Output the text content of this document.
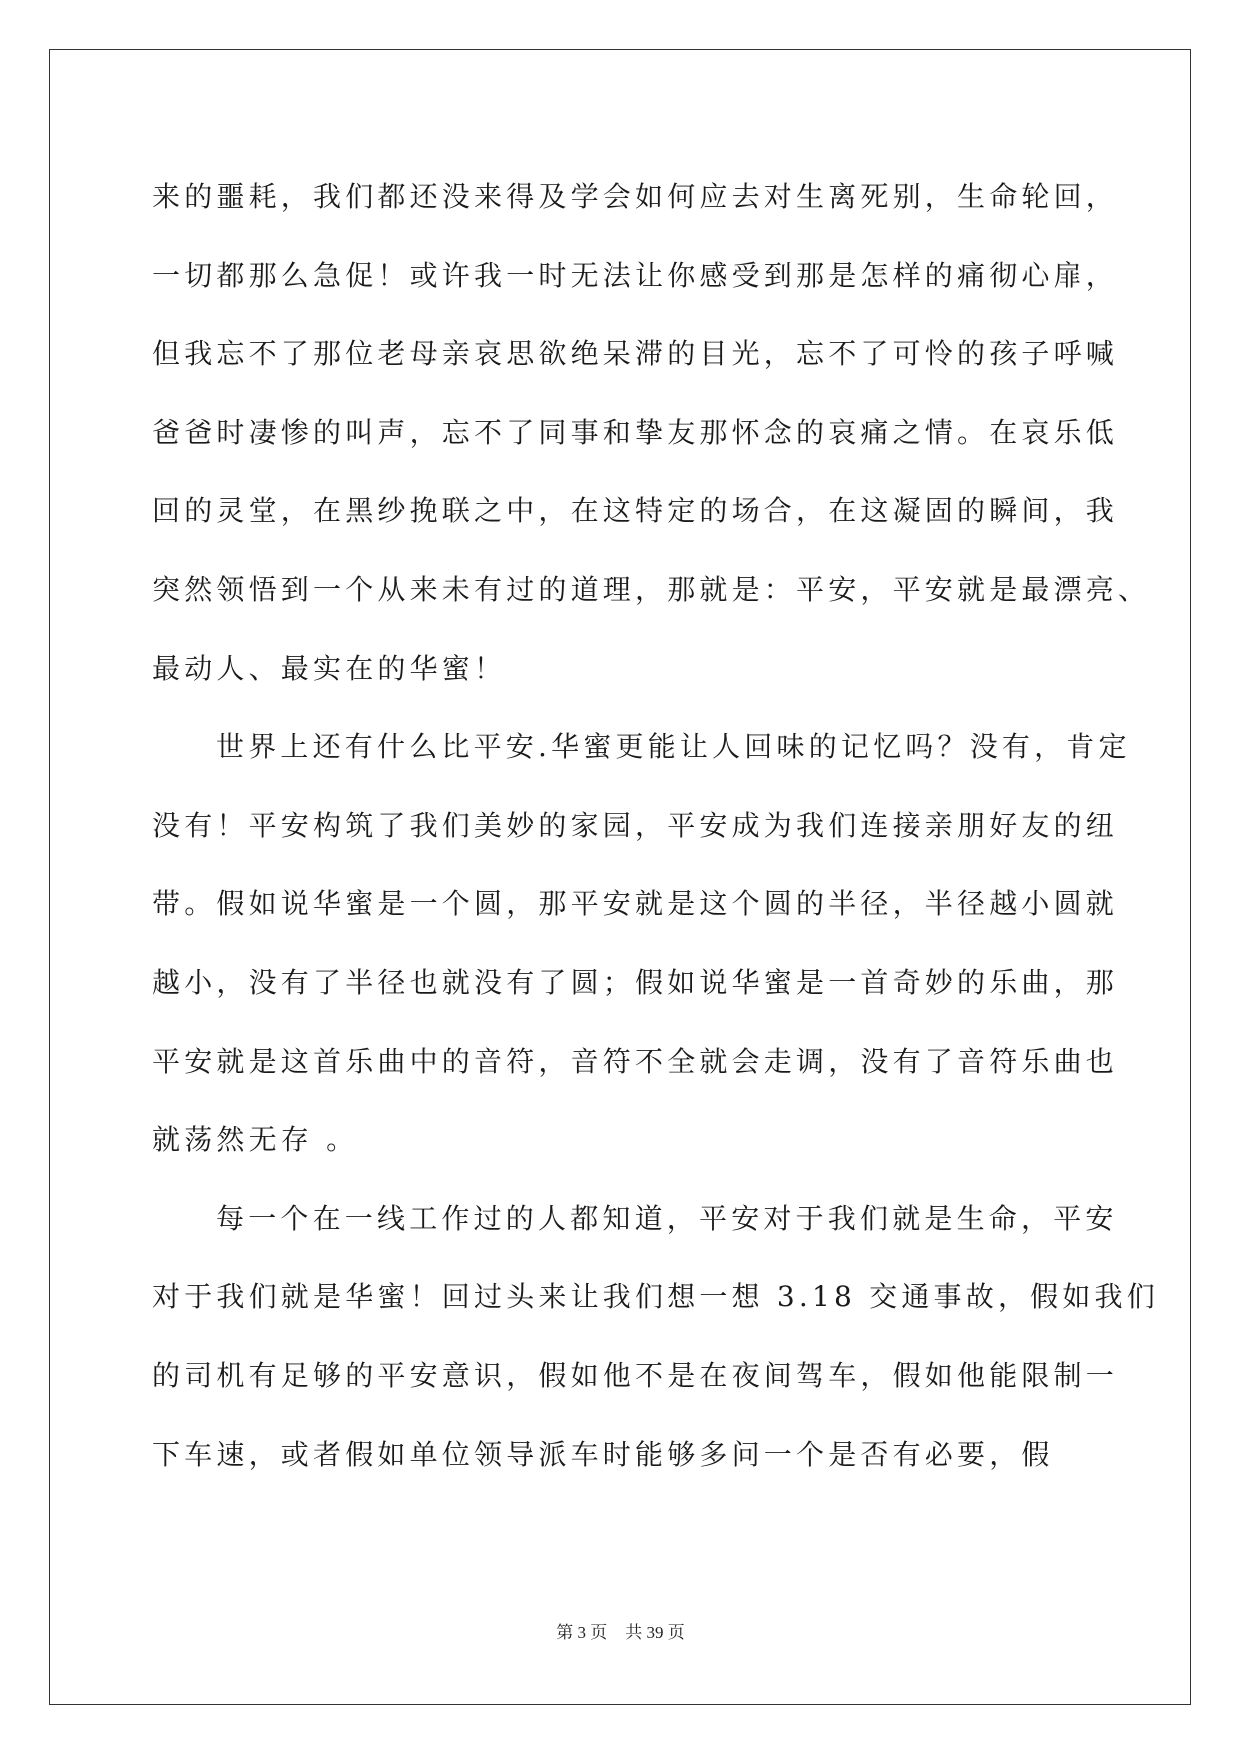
来的噩耗，我们都还没来得及学会如何应去对生离死别，生命轮回，
一切都那么急促！或许我一时无法让你感受到那是怎样的痛彻心扉，
但我忘不了那位老母亲哀思欲绝呆滞的目光，忘不了可怜的孩子呼喊
爸爸时凄惨的叫声，忘不了同事和挚友那怀念的哀痛之情。在哀乐低
回的灵堂，在黑纱挽联之中，在这特定的场合，在这凝固的瞬间，我
突然领悟到一个从来未有过的道理，那就是：平安，平安就是最漂亮、
最动人、最实在的华蜜！
世界上还有什么比平安.华蜜更能让人回味的记忆吗？没有，肯定
没有！平安构筑了我们美妙的家园，平安成为我们连接亲朋好友的纽
带。假如说华蜜是一个圆，那平安就是这个圆的半径，半径越小圆就
越小，没有了半径也就没有了圆；假如说华蜜是一首奇妙的乐曲，那
平安就是这首乐曲中的音符，音符不全就会走调，没有了音符乐曲也
就荡然无存 。
每一个在一线工作过的人都知道，平安对于我们就是生命，平安
对于我们就是华蜜！回过头来让我们想一想 3.18 交通事故，假如我们
的司机有足够的平安意识，假如他不是在夜间驾车，假如他能限制一
下车速，或者假如单位领导派车时能够多问一个是否有必要，假
第 3 页 共 39 页
